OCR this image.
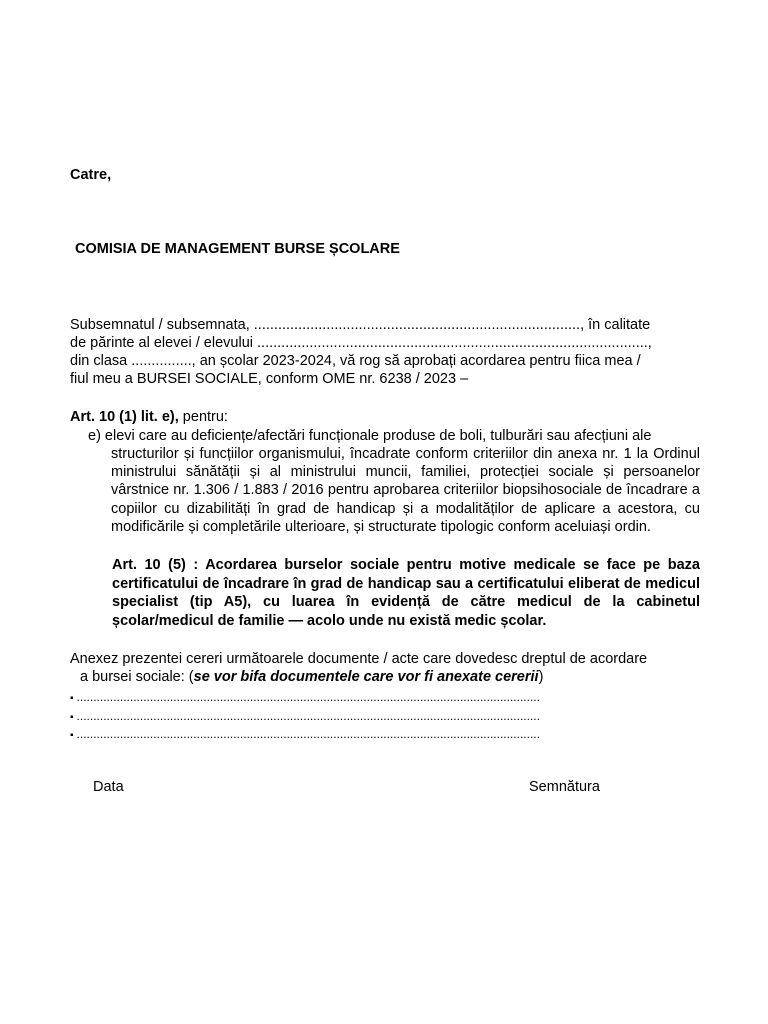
Catre,
COMISIA DE MANAGEMENT BURSE ȘCOLARE
Subsemnatul / subsemnata, ................................................................................., în calitate
de părinte al elevei / elevului .................................................................................................,
din clasa ..............., an școlar 2023-2024, vă rog să aprobați acordarea pentru fiica mea /
fiul meu a BURSEI SOCIALE, conform OME nr. 6238 / 2023 –
Art. 10 (1) lit. e), pentru:
e) elevi care au deficiențe/afectări funcționale produse de boli, tulburări sau afecțiuni ale
structurilor și funcțiilor organismului, încadrate conform criteriilor din anexa nr. 1 la Ordinul ministrului sănătății și al ministrului muncii, familiei, protecției sociale și persoanelor vârstnice nr. 1.306 / 1.883 / 2016 pentru aprobarea criteriilor biopsihosociale de încadrare a copiilor cu dizabilități în grad de handicap și a modalităților de aplicare a acestora, cu modificările și completările ulterioare, și structurate tipologic conform aceluiași ordin.
Art. 10 (5) : Acordarea burselor sociale pentru motive medicale se face pe baza certificatului de încadrare în grad de handicap sau a certificatului eliberat de medicul specialist (tip A5), cu luarea în evidență de către medicul de la cabinetul școlar/medicul de familie — acolo unde nu există medic școlar.
Anexez prezentei cereri următoarele documente / acte care dovedesc dreptul de acordare
a bursei sociale: (se vor bifa documentele care vor fi anexate cererii)
▪ ...........................................................................................................................................
▪ ...........................................................................................................................................
▪ ...........................................................................................................................................
Data	Semnătura
